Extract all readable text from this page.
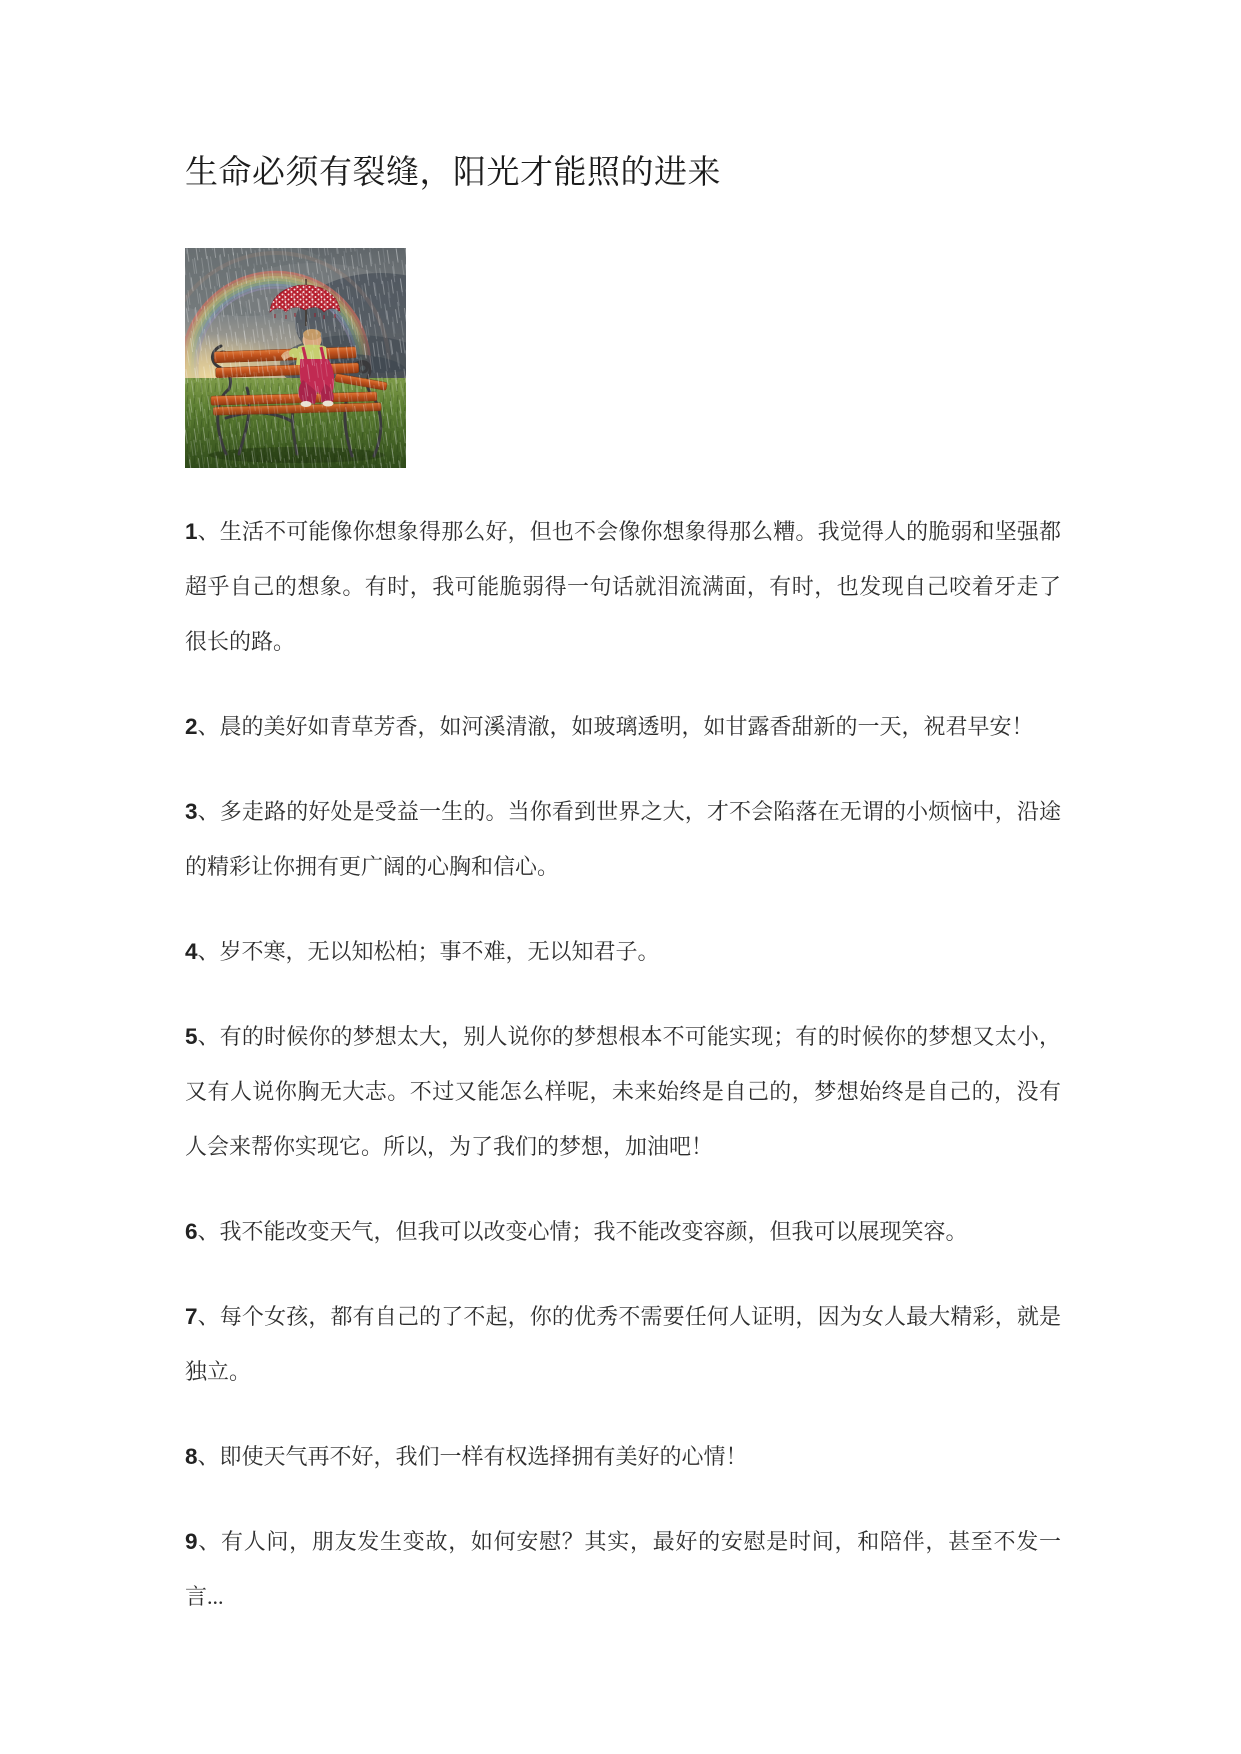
生命必须有裂缝，阳光才能照的进来

1、生活不可能像你想象得那么好，但也不会像你想象得那么糟。我觉得人的脆弱和坚强都超乎自己的想象。有时，我可能脆弱得一句话就泪流满面，有时，也发现自己咬着牙走了很长的路。

2、晨的美好如青草芳香，如河溪清澈，如玻璃透明，如甘露香甜新的一天，祝君早安！

3、多走路的好处是受益一生的。当你看到世界之大，才不会陷落在无谓的小烦恼中，沿途的精彩让你拥有更广阔的心胸和信心。

4、岁不寒，无以知松柏；事不难，无以知君子。

5、有的时候你的梦想太大，别人说你的梦想根本不可能实现；有的时候你的梦想又太小，又有人说你胸无大志。不过又能怎么样呢，未来始终是自己的，梦想始终是自己的，没有人会来帮你实现它。所以，为了我们的梦想，加油吧！

6、我不能改变天气，但我可以改变心情；我不能改变容颜，但我可以展现笑容。

7、每个女孩，都有自己的了不起，你的优秀不需要任何人证明，因为女人最大精彩，就是独立。

8、即使天气再不好，我们一样有权选择拥有美好的心情！

9、有人问，朋友发生变故，如何安慰？其实，最好的安慰是时间，和陪伴，甚至不发一言...
